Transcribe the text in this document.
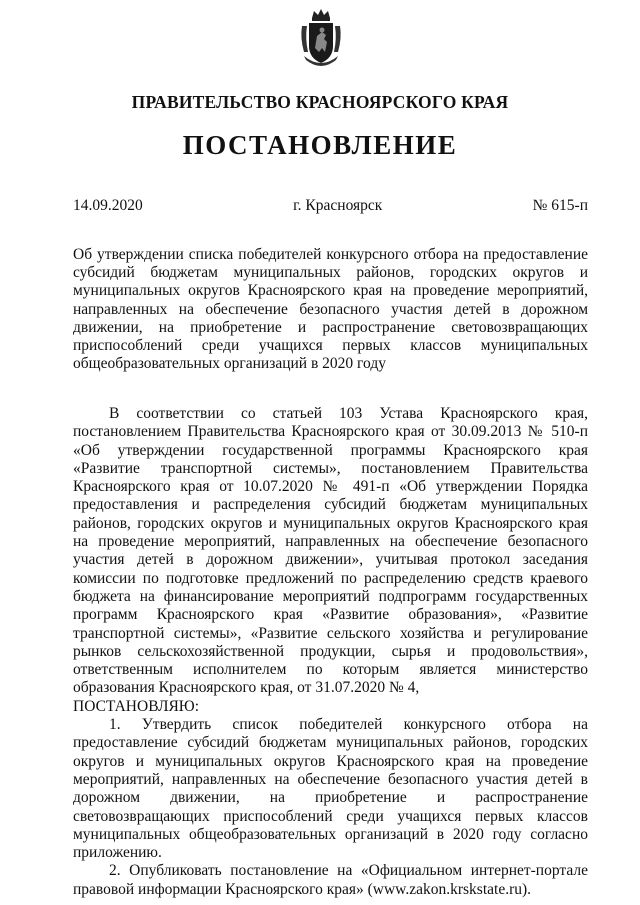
ПРАВИТЕЛЬСТВО КРАСНОЯРСКОГО КРАЯ
ПОСТАНОВЛЕНИЕ
14.09.2020	г. Красноярск	№ 615-п

Об утверждении списка победителей конкурсного отбора на предоставление субсидий бюджетам муниципальных районов, городских округов и муниципальных округов Красноярского края на проведение мероприятий, направленных на обеспечение безопасного участия детей в дорожном движении, на приобретение и распространение световозвращающих приспособлений среди учащихся первых классов муниципальных общеобразовательных организаций в 2020 году

В соответствии со статьей 103 Устава Красноярского края, постановлением Правительства Красноярского края от 30.09.2013 № 510-п «Об утверждении государственной программы Красноярского края «Развитие транспортной системы», постановлением Правительства Красноярского края от 10.07.2020 № 491-п «Об утверждении Порядка предоставления и распределения субсидий бюджетам муниципальных районов, городских округов и муниципальных округов Красноярского края на проведение мероприятий, направленных на обеспечение безопасного участия детей в дорожном движении», учитывая протокол заседания комиссии по подготовке предложений по распределению средств краевого бюджета на финансирование мероприятий подпрограмм государственных программ Красноярского края «Развитие образования», «Развитие транспортной системы», «Развитие сельского хозяйства и регулирование рынков сельскохозяйственной продукции, сырья и продовольствия», ответственным исполнителем по которым является министерство образования Красноярского края, от 31.07.2020 № 4,

ПОСТАНОВЛЯЮ:

1. Утвердить список победителей конкурсного отбора на предоставление субсидий бюджетам муниципальных районов, городских округов и муниципальных округов Красноярского края на проведение мероприятий, направленных на обеспечение безопасного участия детей в дорожном движении, на приобретение и распространение световозвращающих приспособлений среди учащихся первых классов муниципальных общеобразовательных организаций в 2020 году согласно приложению.

2. Опубликовать постановление на «Официальном интернет-портале правовой информации Красноярского края» (www.zakon.krskstate.ru).
